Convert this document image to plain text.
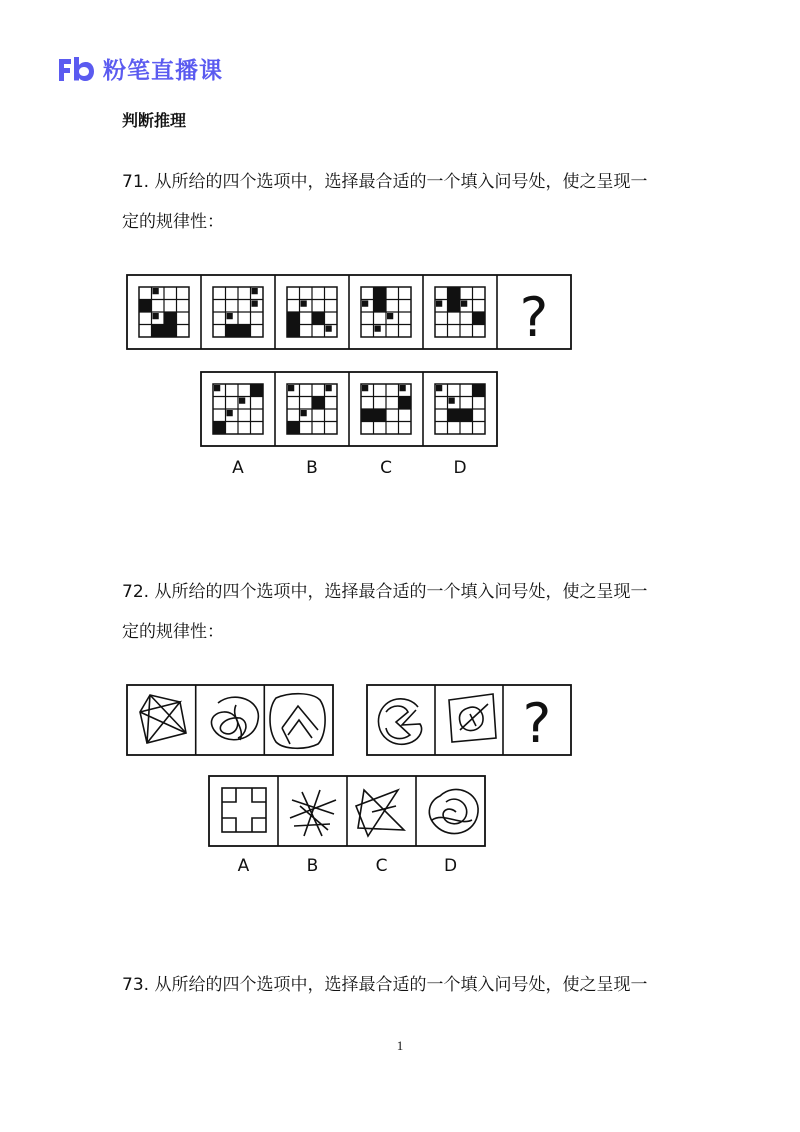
粉笔直播课
判断推理
71. 从所给的四个选项中，选择最合适的一个填入问号处，使之呈现一
定的规律性：
72. 从所给的四个选项中，选择最合适的一个填入问号处，使之呈现一
定的规律性：
73. 从所给的四个选项中，选择最合适的一个填入问号处，使之呈现一
?
A	B	C	D
?
A	B	C	D
1
